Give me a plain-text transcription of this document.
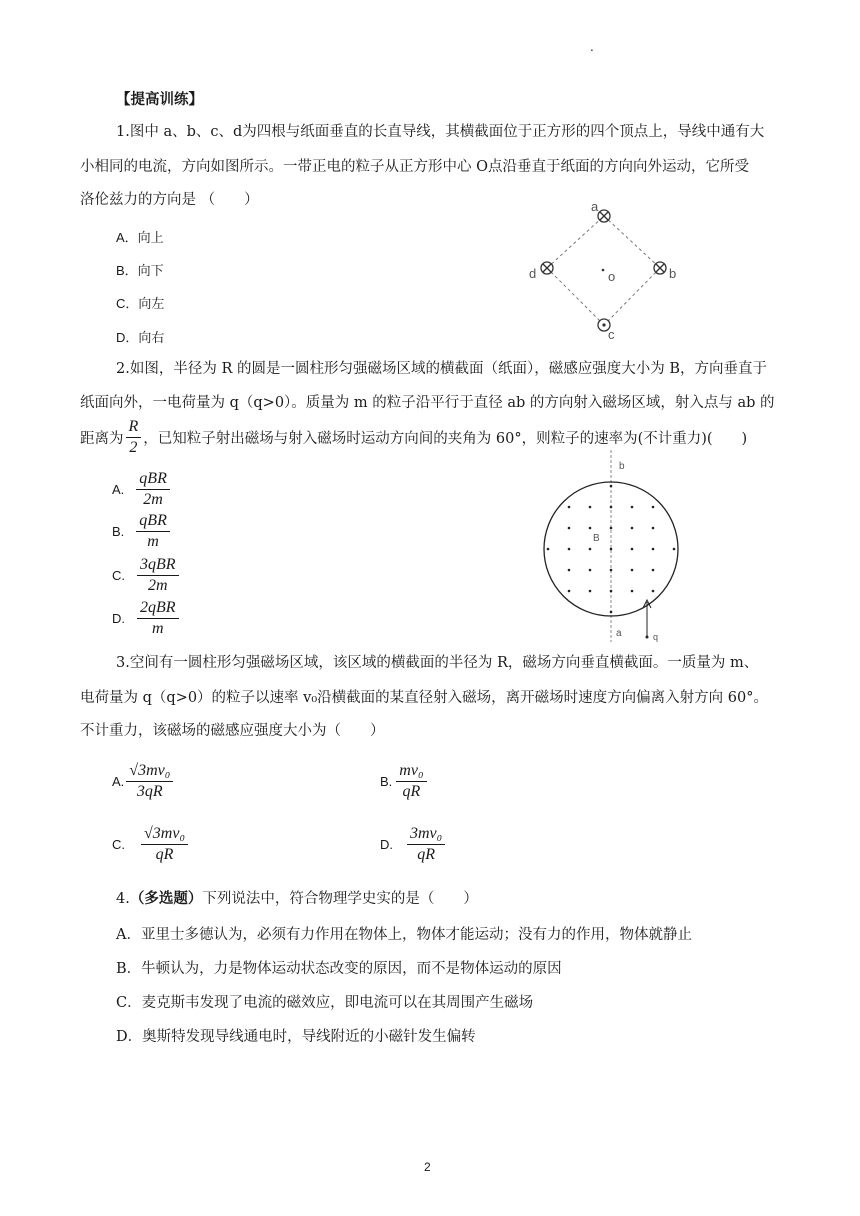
.
【提高训练】
1.图中 a、b、c、d为四根与纸面垂直的长直导线，其横截面位于正方形的四个顶点上，导线中通有大
小相同的电流，方向如图所示。一带正电的粒子从正方形中心 O点沿垂直于纸面的方向向外运动，它所受
洛伦兹力的方向是 （　　）
A．向上
B．向下
C．向左
D．向右
a
b
c
d	o
2.如图，半径为 R 的圆是一圆柱形匀强磁场区域的横截面（纸面），磁感应强度大小为 B，方向垂直于
纸面向外，一电荷量为 q（q>0）。质量为 m 的粒子沿平行于直径 ab 的方向射入磁场区域，射入点与 ab 的
距离为 $\frac{R}{2}$ ，已知粒子射出磁场与射入磁场时运动方向间的夹角为 60°，则粒子的速率为(不计重力)(　　)
A. $\frac{\text{qBR}}{2m}$
B. $\frac{\text{qBR}}{m}$
C. $\frac{\text{3qBR}}{2m}$
D. $\frac{\text{2qBR}}{m}$
b
a
B
q
3.空间有一圆柱形匀强磁场区域，该区域的横截面的半径为 R，磁场方向垂直横截面。一质量为 m、
电荷量为 q（q>0）的粒子以速率 v₀沿横截面的某直径射入磁场，离开磁场时速度方向偏离入射方向 60°。
不计重力，该磁场的磁感应强度大小为（　　）
A. $\frac{\text{√3mv₀}}{3qR}$	B. $\frac{\text{mv₀}}{qR}$
C. $\frac{\text{√3mv₀}}{qR}$	D. $\frac{\text{3mv₀}}{qR}$
4.（多选题）下列说法中，符合物理学史实的是（　　）
A．亚里士多德认为，必须有力作用在物体上，物体才能运动；没有力的作用，物体就静止
B．牛顿认为，力是物体运动状态改变的原因，而不是物体运动的原因
C．麦克斯韦发现了电流的磁效应，即电流可以在其周围产生磁场
D．奥斯特发现导线通电时，导线附近的小磁针发生偏转
2
